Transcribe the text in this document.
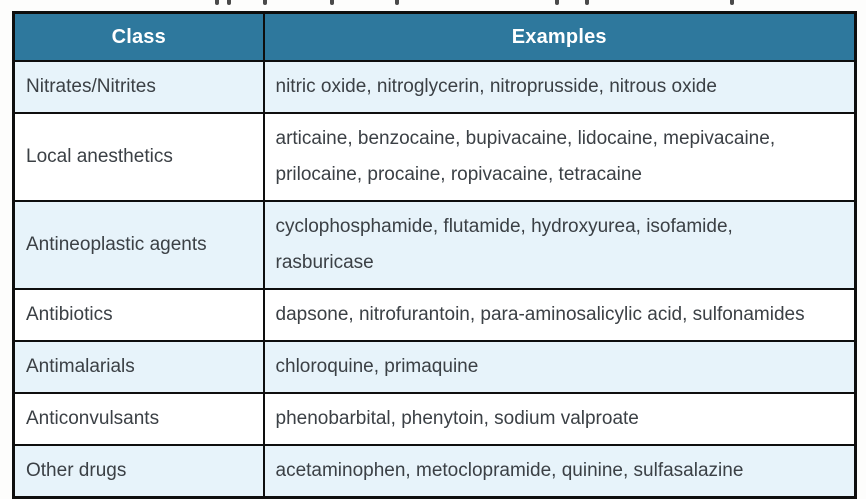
Class	Examples
Nitrates/Nitrites	nitric oxide, nitroglycerin, nitroprusside, nitrous oxide
Local anesthetics	articaine, benzocaine, bupivacaine, lidocaine, mepivacaine, prilocaine, procaine, ropivacaine, tetracaine
Antineoplastic agents	cyclophosphamide, flutamide, hydroxyurea, isofamide, rasburicase
Antibiotics	dapsone, nitrofurantoin, para-aminosalicylic acid, sulfonamides
Antimalarials	chloroquine, primaquine
Anticonvulsants	phenobarbital, phenytoin, sodium valproate
Other drugs	acetaminophen, metoclopramide, quinine, sulfasalazine
